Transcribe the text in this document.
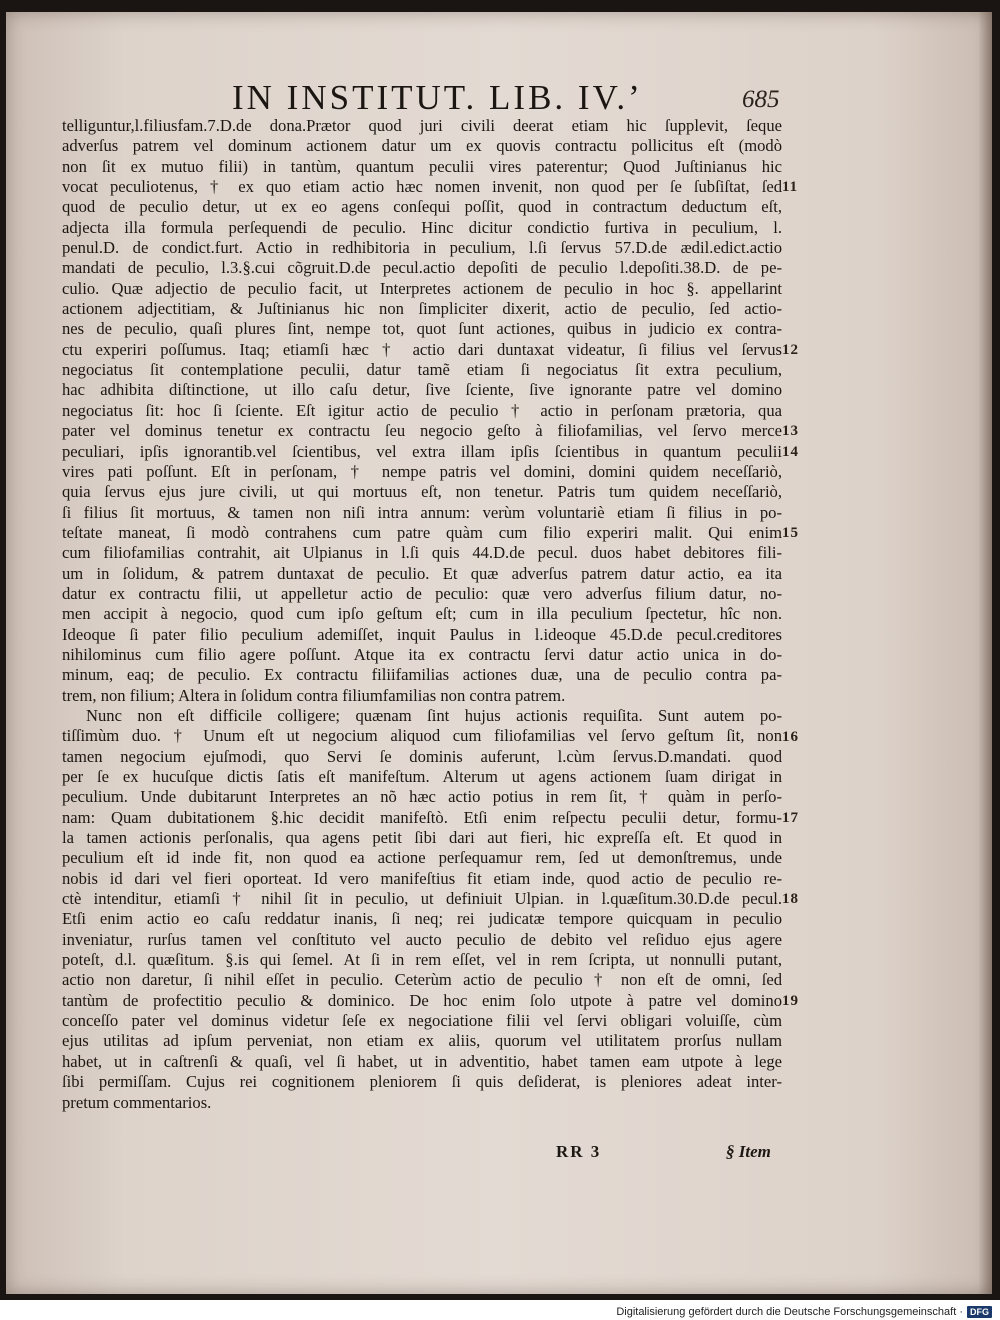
IN INSTITUT. LIB. IV.’	685
telliguntur,l.filiusfam.7.D.de dona.Prætor quod juri civili deerat etiam hic ſupplevit, ſeque
adverſus patrem vel dominum actionem datur um ex quovis contractu pollicitus eſt (modò
non ſit ex mutuo filii) in tantùm, quantum peculii vires paterentur; Quod Juſtinianus hic
vocat peculiotenus, † ex quo etiam actio hæc nomen invenit, non quod per ſe ſubſiſtat, ſed
quod de peculio detur, ut ex eo agens conſequi poſſit, quod in contractum deductum eſt,
adjecta illa formula perſequendi de peculio. Hinc dicitur condictio furtiva in peculium, l.
penul.D. de condict.furt. Actio in redhibitoria in peculium, l.ſi ſervus 57.D.de ædil.edict.actio
mandati de peculio, l.3.§.cui cõgruit.D.de pecul.actio depoſiti de peculio l.depoſiti.38.D. de pe-
culio. Quæ adjectio de peculio facit, ut Interpretes actionem de peculio in hoc §. appellarint
actionem adjectitiam, & Juſtinianus hic non ſimpliciter dixerit, actio de peculio, ſed actio-
nes de peculio, quaſi plures ſint, nempe tot, quot ſunt actiones, quibus in judicio ex contra-
ctu experiri poſſumus. Itaq; etiamſi hæc † actio dari duntaxat videatur, ſi filius vel ſervus
negociatus ſit contemplatione peculii, datur tamẽ etiam ſi negociatus ſit extra peculium,
hac adhibita diſtinctione, ut illo caſu detur, ſive ſciente, ſive ignorante patre vel domino
negociatus ſit: hoc ſi ſciente. Eſt igitur actio de peculio † actio in perſonam prætoria, qua
pater vel dominus tenetur ex contractu ſeu negocio geſto à filiofamilias, vel ſervo merce
peculiari, ipſis ignorantib.vel ſcientibus, vel extra illam ipſis ſcientibus in quantum peculii
vires pati poſſunt. Eſt in perſonam, † nempe patris vel domini, domini quidem neceſſariò,
quia ſervus ejus jure civili, ut qui mortuus eſt, non tenetur. Patris tum quidem neceſſariò,
ſi filius ſit mortuus, & tamen non niſi intra annum: verùm voluntariè etiam ſi filius in po-
teſtate maneat, ſi modò contrahens cum patre quàm cum filio experiri malit. Qui enim
cum filiofamilias contrahit, ait Ulpianus in l.ſi quis 44.D.de pecul. duos habet debitores fili-
um in ſolidum, & patrem duntaxat de peculio. Et quæ adverſus patrem datur actio, ea ita
datur ex contractu filii, ut appelletur actio de peculio: quæ vero adverſus filium datur, no-
men accipit à negocio, quod cum ipſo geſtum eſt; cum in illa peculium ſpectetur, hîc non.
Ideoque ſi pater filio peculium ademiſſet, inquit Paulus in l.ideoque 45.D.de pecul.creditores
nihilominus cum filio agere poſſunt. Atque ita ex contractu ſervi datur actio unica in do-
minum, eaq; de peculio. Ex contractu filiifamilias actiones duæ, una de peculio contra pa-
trem, non filium; Altera in ſolidum contra filiumfamilias non contra patrem.
Nunc non eſt difficile colligere; quænam ſint hujus actionis requiſita. Sunt autem po-
tiſſimùm duo. † Unum eſt ut negocium aliquod cum filiofamilias vel ſervo geſtum ſit, non
tamen negocium ejuſmodi, quo Servi ſe dominis auferunt, l.cùm ſervus.D.mandati. quod
per ſe ex hucuſque dictis ſatis eſt manifeſtum. Alterum ut agens actionem ſuam dirigat in
peculium. Unde dubitarunt Interpretes an nõ hæc actio potius in rem ſit, † quàm in perſo-
nam: Quam dubitationem §.hic decidit manifeſtò. Etſi enim reſpectu peculii detur, formu-
la tamen actionis perſonalis, qua agens petit ſibi dari aut fieri, hic expreſſa eſt. Et quod in
peculium eſt id inde fit, non quod ea actione perſequamur rem, ſed ut demonſtremus, unde
nobis id dari vel fieri oporteat. Id vero manifeſtius fit etiam inde, quod actio de peculio re-
ctè intenditur, etiamſi † nihil ſit in peculio, ut definiuit Ulpian. in l.quæſitum.30.D.de pecul.
Etſi enim actio eo caſu reddatur inanis, ſi neq; rei judicatæ tempore quicquam in peculio
inveniatur, rurſus tamen vel conſtituto vel aucto peculio de debito vel reſiduo ejus agere
poteſt, d.l. quæſitum. §.is qui ſemel. At ſi in rem eſſet, vel in rem ſcripta, ut nonnulli putant,
actio non daretur, ſi nihil eſſet in peculio. Ceterùm actio de peculio † non eſt de omni, ſed
tantùm de profectitio peculio & dominico. De hoc enim ſolo utpote à patre vel domino
conceſſo pater vel dominus videtur ſeſe ex negociatione filii vel ſervi obligari voluiſſe, cùm
ejus utilitas ad ipſum perveniat, non etiam ex aliis, quorum vel utilitatem prorſus nullam
habet, ut in caſtrenſi & quaſi, vel ſi habet, ut in adventitio, habet tamen eam utpote à lege
ſibi permiſſam. Cujus rei cognitionem pleniorem ſi quis deſiderat, is pleniores adeat inter-
pretum commentarios.
11
12
13
14
15
16
17
18
19
RR 3	§ Item
Digitalisierung gefördert durch die Deutsche Forschungsgemeinschaft · DFG
